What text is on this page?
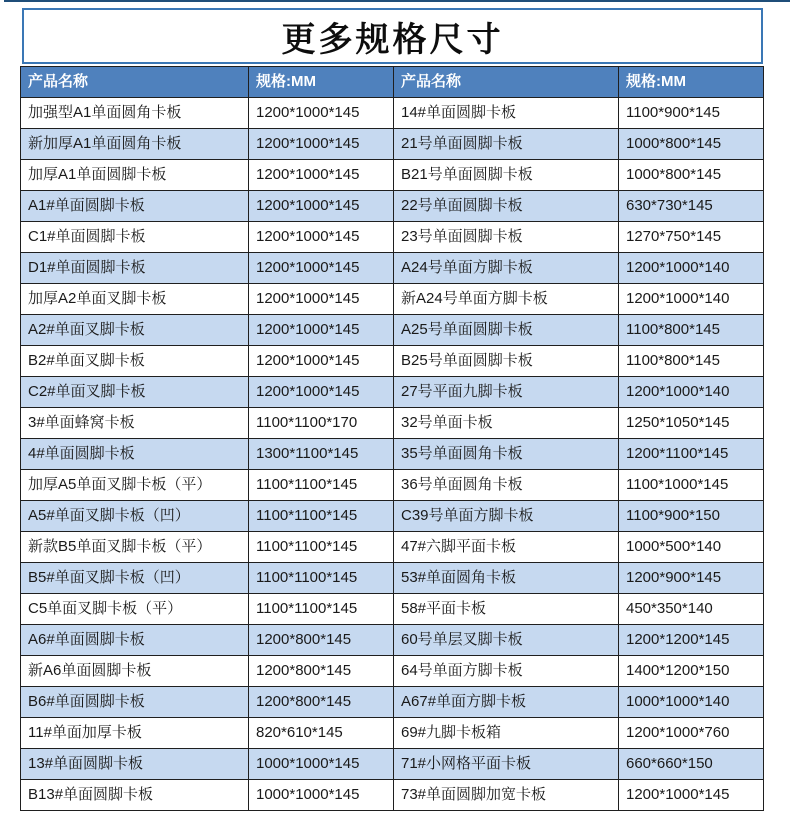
更多规格尺寸
产品名称	规格:MM	产品名称	规格:MM
加强型A1单面圆角卡板	1200*1000*145	14#单面圆脚卡板	1100*900*145
新加厚A1单面圆角卡板	1200*1000*145	21号单面圆脚卡板	1000*800*145
加厚A1单面圆脚卡板	1200*1000*145	B21号单面圆脚卡板	1000*800*145
A1#单面圆脚卡板	1200*1000*145	22号单面圆脚卡板	630*730*145
C1#单面圆脚卡板	1200*1000*145	23号单面圆脚卡板	1270*750*145
D1#单面圆脚卡板	1200*1000*145	A24号单面方脚卡板	1200*1000*140
加厚A2单面叉脚卡板	1200*1000*145	新A24号单面方脚卡板	1200*1000*140
A2#单面叉脚卡板	1200*1000*145	A25号单面圆脚卡板	1100*800*145
B2#单面叉脚卡板	1200*1000*145	B25号单面圆脚卡板	1100*800*145
C2#单面叉脚卡板	1200*1000*145	27号平面九脚卡板	1200*1000*140
3#单面蜂窝卡板	1100*1100*170	32号单面卡板	1250*1050*145
4#单面圆脚卡板	1300*1100*145	35号单面圆角卡板	1200*1100*145
加厚A5单面叉脚卡板（平）	1100*1100*145	36号单面圆角卡板	1100*1000*145
A5#单面叉脚卡板（凹）	1100*1100*145	C39号单面方脚卡板	1100*900*150
新款B5单面叉脚卡板（平）	1100*1100*145	47#六脚平面卡板	1000*500*140
B5#单面叉脚卡板（凹）	1100*1100*145	53#单面圆角卡板	1200*900*145
C5单面叉脚卡板（平）	1100*1100*145	58#平面卡板	450*350*140
A6#单面圆脚卡板	1200*800*145	60号单层叉脚卡板	1200*1200*145
新A6单面圆脚卡板	1200*800*145	64号单面方脚卡板	1400*1200*150
B6#单面圆脚卡板	1200*800*145	A67#单面方脚卡板	1000*1000*140
11#单面加厚卡板	820*610*145	69#九脚卡板箱	1200*1000*760
13#单面圆脚卡板	1000*1000*145	71#小网格平面卡板	660*660*150
B13#单面圆脚卡板	1000*1000*145	73#单面圆脚加宽卡板	1200*1000*145
